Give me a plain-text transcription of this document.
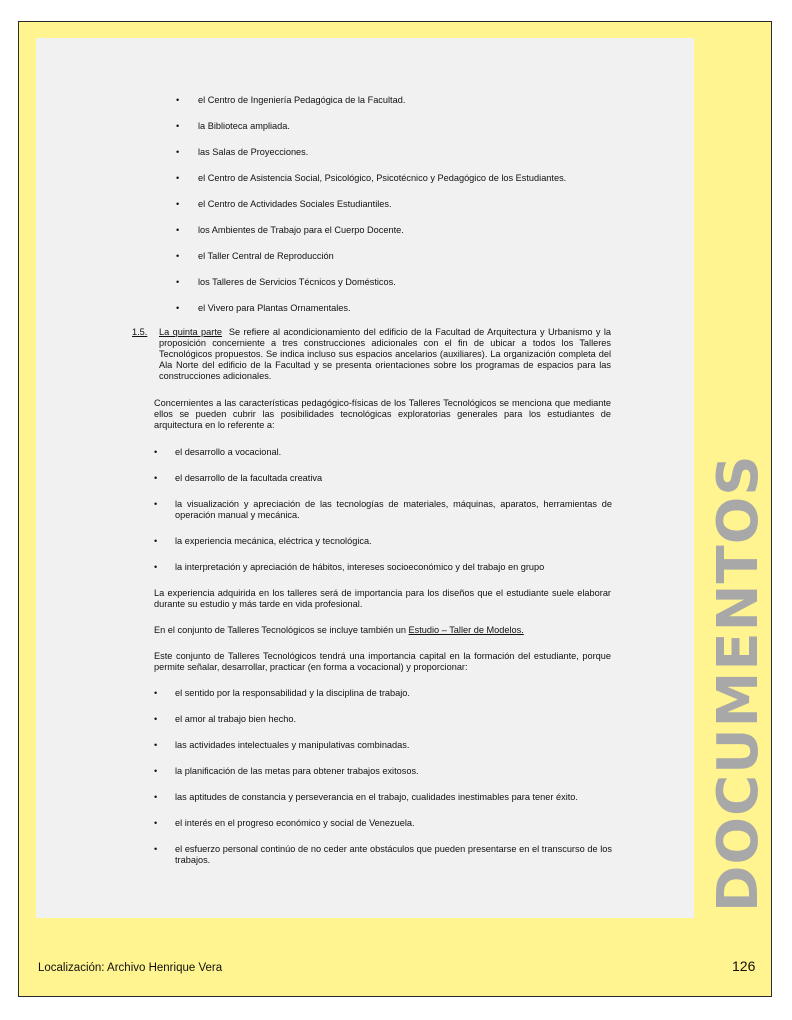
• el Centro de Ingeniería Pedagógica de la Facultad.
• la Biblioteca ampliada.
• las Salas de Proyecciones.
• el Centro de Asistencia Social, Psicológico, Psicotécnico y Pedagógico de los Estudiantes.
• el Centro de Actividades Sociales Estudiantiles.
• los Ambientes de Trabajo para el Cuerpo Docente.
• el Taller Central de Reproducción
• los Talleres de Servicios Técnicos y Domésticos.
• el Vivero para Plantas Ornamentales.
1.5. La quinta parte Se refiere al acondicionamiento del edificio de la Facultad de Arquitectura y Urbanismo y la proposición concerniente a tres construcciones adicionales con el fin de ubicar a todos los Talleres Tecnológicos propuestos. Se indica incluso sus espacios ancelarios (auxiliares). La organización completa del Ala Norte del edificio de la Facultad y se presenta orientaciones sobre los programas de espacios para las construcciones adicionales.
Concernientes a las características pedagógico-físicas de los Talleres Tecnológicos se menciona que mediante ellos se pueden cubrir las posibilidades tecnológicas exploratorias generales para los estudiantes de arquitectura en lo referente a:
• el desarrollo a vocacional.
• el desarrollo de la facultada creativa
• la visualización y apreciación de las tecnologías de materiales, máquinas, aparatos, herramientas de operación manual y mecánica.
• la experiencia mecánica, eléctrica y tecnológica.
• la interpretación y apreciación de hábitos, intereses socioeconómico y del trabajo en grupo
La experiencia adquirida en los talleres será de importancia para los diseños que el estudiante suele elaborar durante su estudio y más tarde en vida profesional.
En el conjunto de Talleres Tecnológicos se incluye también un Estudio – Taller de Modelos.
Este conjunto de Talleres Tecnológicos tendrá una importancia capital en la formación del estudiante, porque permite señalar, desarrollar, practicar (en forma a vocacional) y proporcionar:
• el sentido por la responsabilidad y la disciplina de trabajo.
• el amor al trabajo bien hecho.
• las actividades intelectuales y manipulativas combinadas.
• la planificación de las metas para obtener trabajos exitosos.
• las aptitudes de constancia y perseverancia en el trabajo, cualidades inestimables para tener éxito.
• el interés en el progreso económico y social de Venezuela.
• el esfuerzo personal continúo de no ceder ante obstáculos que pueden presentarse en el transcurso de los trabajos.	DOCUMENTOS
Localización: Archivo Henrique Vera	126
